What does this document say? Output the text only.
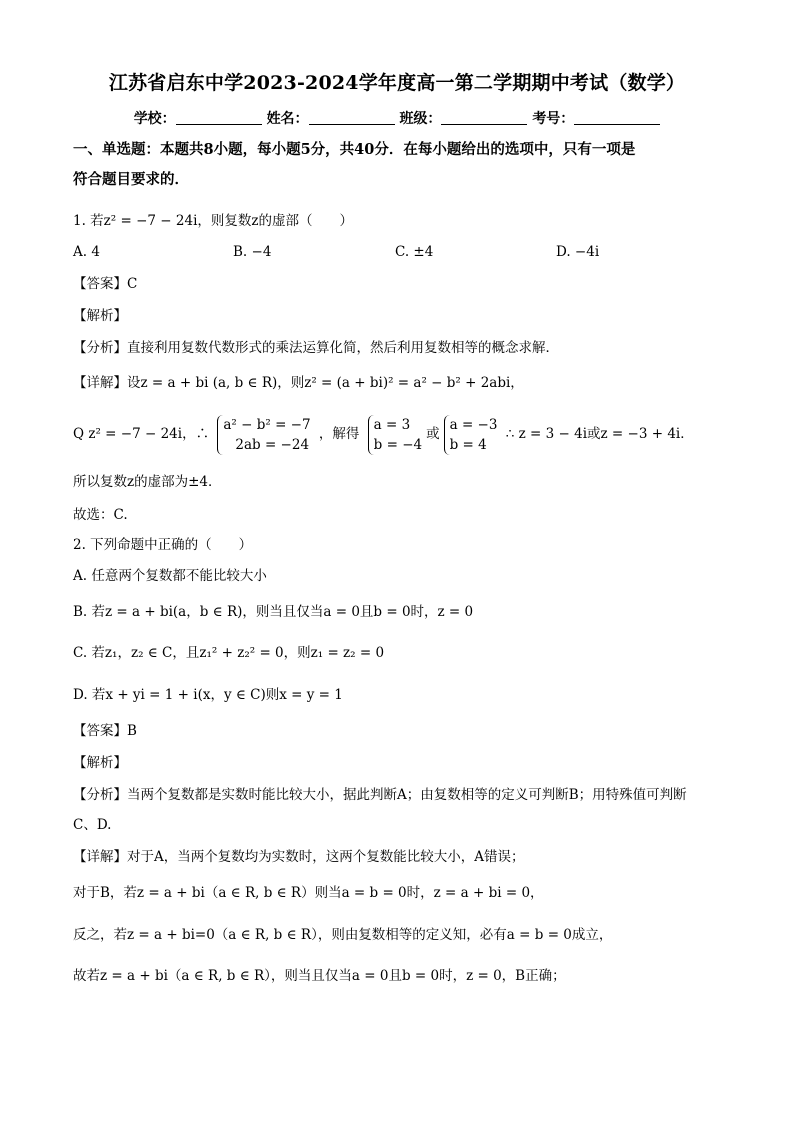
江苏省启东中学2023-2024学年度高一第二学期期中考试（数学）
学校：	姓名：	班级：	考号：
一、单选题：本题共8小题，每小题5分，共40分．在每小题给出的选项中，只有一项是
符合题目要求的．
1. 若z² = −7 − 24i，则复数z的虚部（　　）
A. 4	B. −4	C. ±4	D. −4i
【答案】C
【解析】
【分析】直接利用复数代数形式的乘法运算化简，然后利用复数相等的概念求解．
【详解】设z = a + bi (a, b ∈ R)，则z² = (a + bi)² = a² − b² + 2abi，
Q z² = −7 − 24i，∴
a² − b² = −7
2ab = −24
，解得
a = 3
b = −4
或
a = −3
b = 4
∴ z = 3 − 4i或z = −3 + 4i．
所以复数z的虚部为±4．
故选：C.
2. 下列命题中正确的（　　）
A. 任意两个复数都不能比较大小
B. 若z = a + bi(a，b ∈ R)，则当且仅当a = 0且b = 0时，z = 0
C. 若z₁，z₂ ∈ C，且z₁² + z₂² = 0，则z₁ = z₂ = 0
D. 若x + yi = 1 + i(x，y ∈ C)则x = y = 1
【答案】B
【解析】
【分析】当两个复数都是实数时能比较大小，据此判断A；由复数相等的定义可判断B；用特殊值可判断
C、D.
【详解】对于A，当两个复数均为实数时，这两个复数能比较大小，A错误；
对于B，若z = a + bi（a ∈ R, b ∈ R）则当a = b = 0时，z = a + bi = 0，
反之，若z = a + bi=0（a ∈ R, b ∈ R），则由复数相等的定义知，必有a = b = 0成立，
故若z = a + bi（a ∈ R, b ∈ R），则当且仅当a = 0且b = 0时，z = 0，B正确；
